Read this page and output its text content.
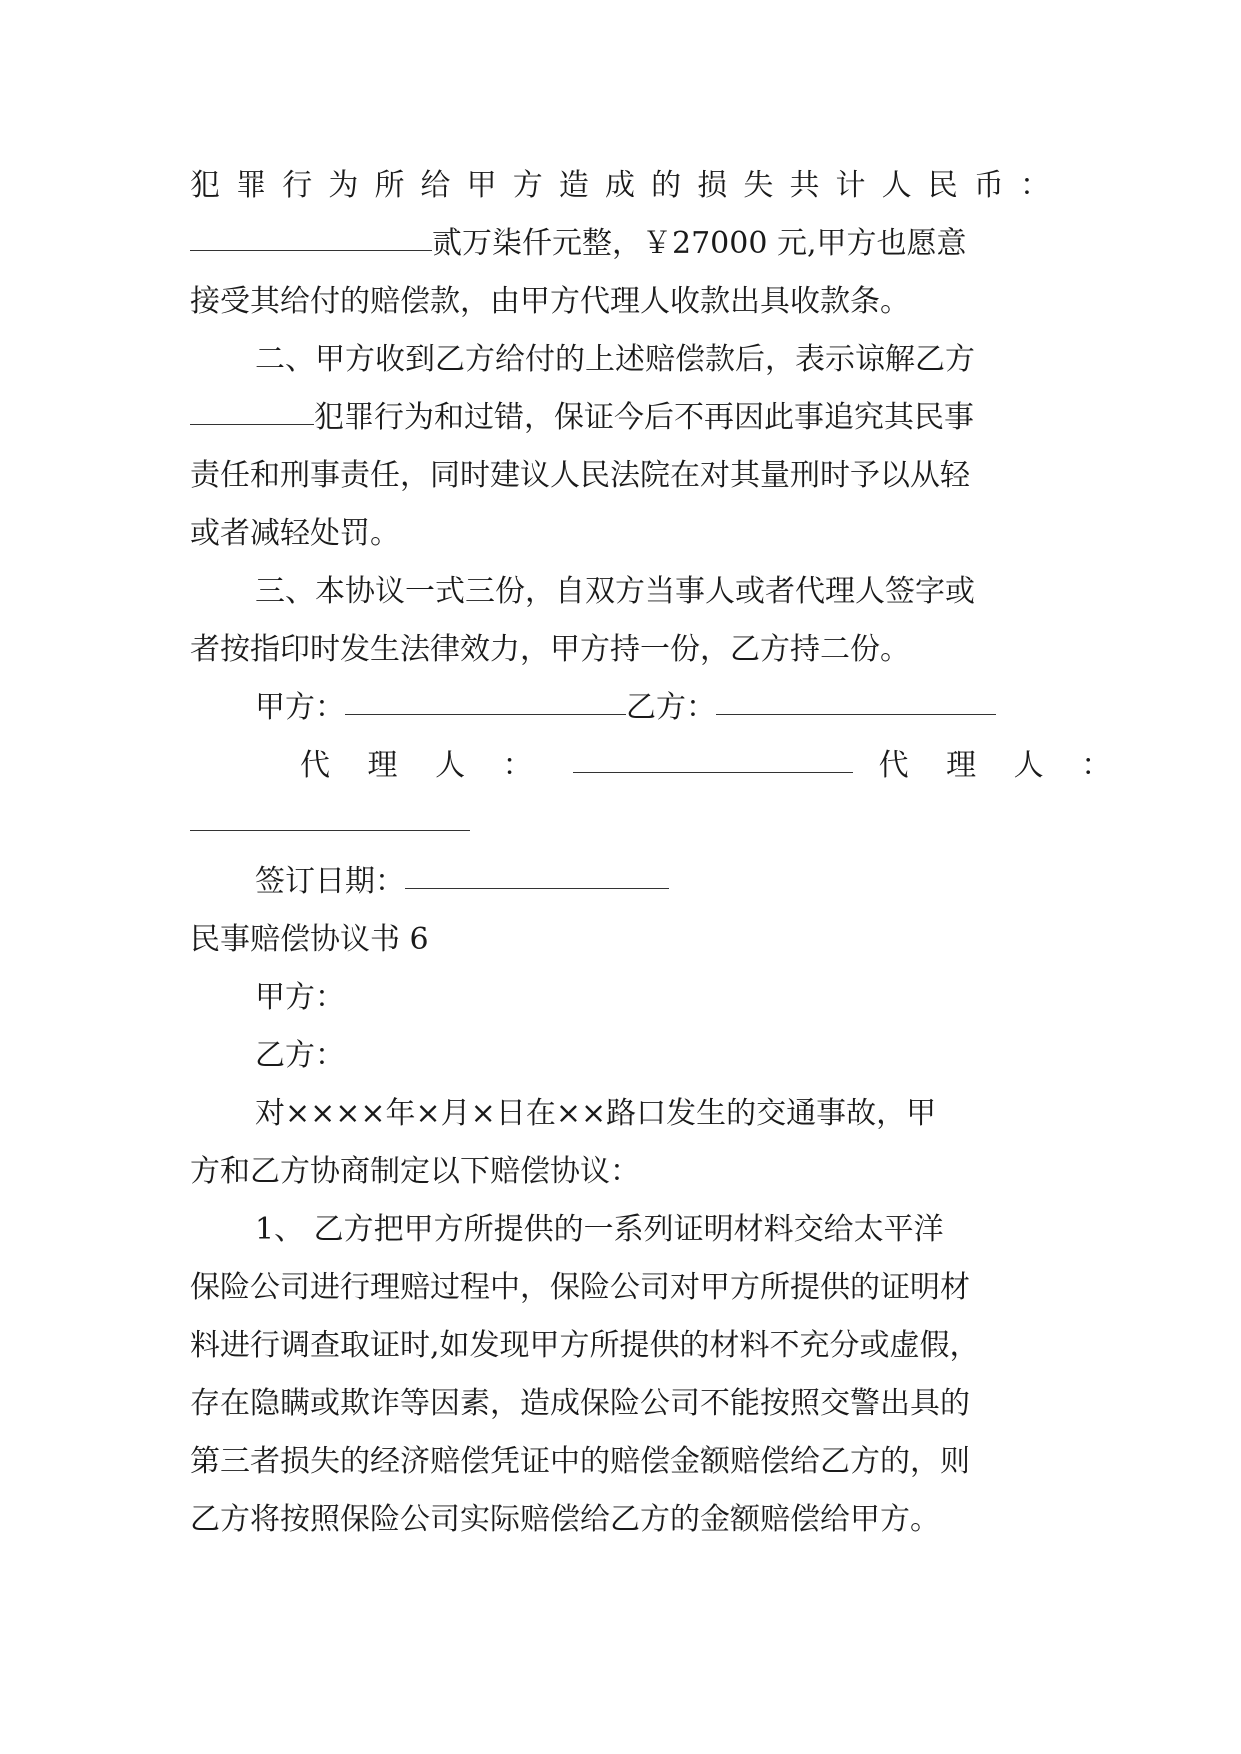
犯 罪 行 为 所 给 甲 方 造 成 的 损 失 共 计 人 民 币 ：
贰万柒仟元整，￥27000 元,甲方也愿意
接受其给付的赔偿款，由甲方代理人收款出具收款条。
二、甲方收到乙方给付的上述赔偿款后，表示谅解乙方
犯罪行为和过错，保证今后不再因此事追究其民事
责任和刑事责任，同时建议人民法院在对其量刑时予以从轻
或者减轻处罚。
三、本协议一式三份，自双方当事人或者代理人签字或
者按指印时发生法律效力，甲方持一份，乙方持二份。
甲方：	乙方：
代 理 人 ：	代 理 人 ：
签订日期：
民事赔偿协议书 6
甲方：
乙方：
对××××年×月×日在××路口发生的交通事故，甲
方和乙方协商制定以下赔偿协议：
1、 乙方把甲方所提供的一系列证明材料交给太平洋
保险公司进行理赔过程中，保险公司对甲方所提供的证明材
料进行调查取证时,如发现甲方所提供的材料不充分或虚假，
存在隐瞒或欺诈等因素，造成保险公司不能按照交警出具的
第三者损失的经济赔偿凭证中的赔偿金额赔偿给乙方的，则
乙方将按照保险公司实际赔偿给乙方的金额赔偿给甲方。
